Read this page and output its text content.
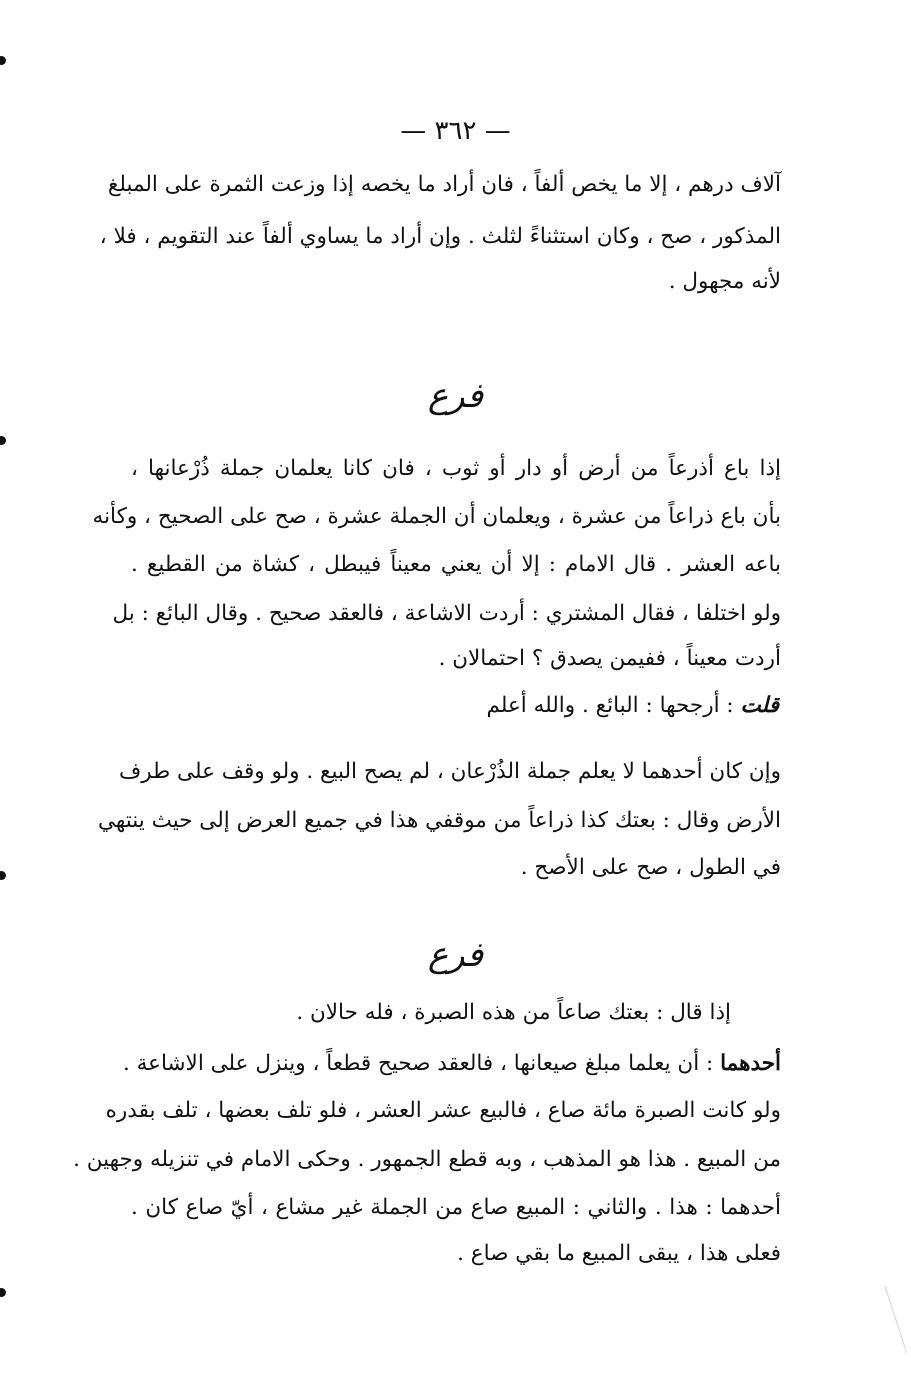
— ٣٦٢ —
آلاف درهم ، إلا ما يخص ألفاً ، فان أراد ما يخصه إذا وزعت الثمرة على المبلغ
المذكور ، صح ، وكان استثناءً لثلث . وإن أراد ما يساوي ألفاً عند التقويم ، فلا ،
لأنه مجهول .
فرع
إذا باع أذرعاً من أرض أو دار أو ثوب ، فان كانا يعلمان جملة ذُرْعانها ،
بأن باع ذراعاً من عشرة ، ويعلمان أن الجملة عشرة ، صح على الصحيح ، وكأنه
باعه العشر . قال الامام : إلا أن يعني معيناً فيبطل ، كشاة من القطيع .
ولو اختلفا ، فقال المشتري : أردت الاشاعة ، فالعقد صحيح . وقال البائع : بل
أردت معيناً ، ففيمن يصدق ؟ احتمالان .
قلت : أرجحها : البائع . والله أعلم
وإن كان أحدهما لا يعلم جملة الذُرْعان ، لم يصح البيع . ولو وقف على طرف
الأرض وقال : بعتك كذا ذراعاً من موقفي هذا في جميع العرض إلى حيث ينتهي
في الطول ، صح على الأصح .
فرع
إذا قال : بعتك صاعاً من هذه الصبرة ، فله حالان .
أحدهما : أن يعلما مبلغ صيعانها ، فالعقد صحيح قطعاً ، وينزل على الاشاعة .
ولو كانت الصبرة مائة صاع ، فالبيع عشر العشر ، فلو تلف بعضها ، تلف بقدره
من المبيع . هذا هو المذهب ، وبه قطع الجمهور . وحكى الامام في تنزيله وجهين .
أحدهما : هذا . والثاني : المبيع صاع من الجملة غير مشاع ، أيّ صاع كان .
فعلى هذا ، يبقى المبيع ما بقي صاع .
